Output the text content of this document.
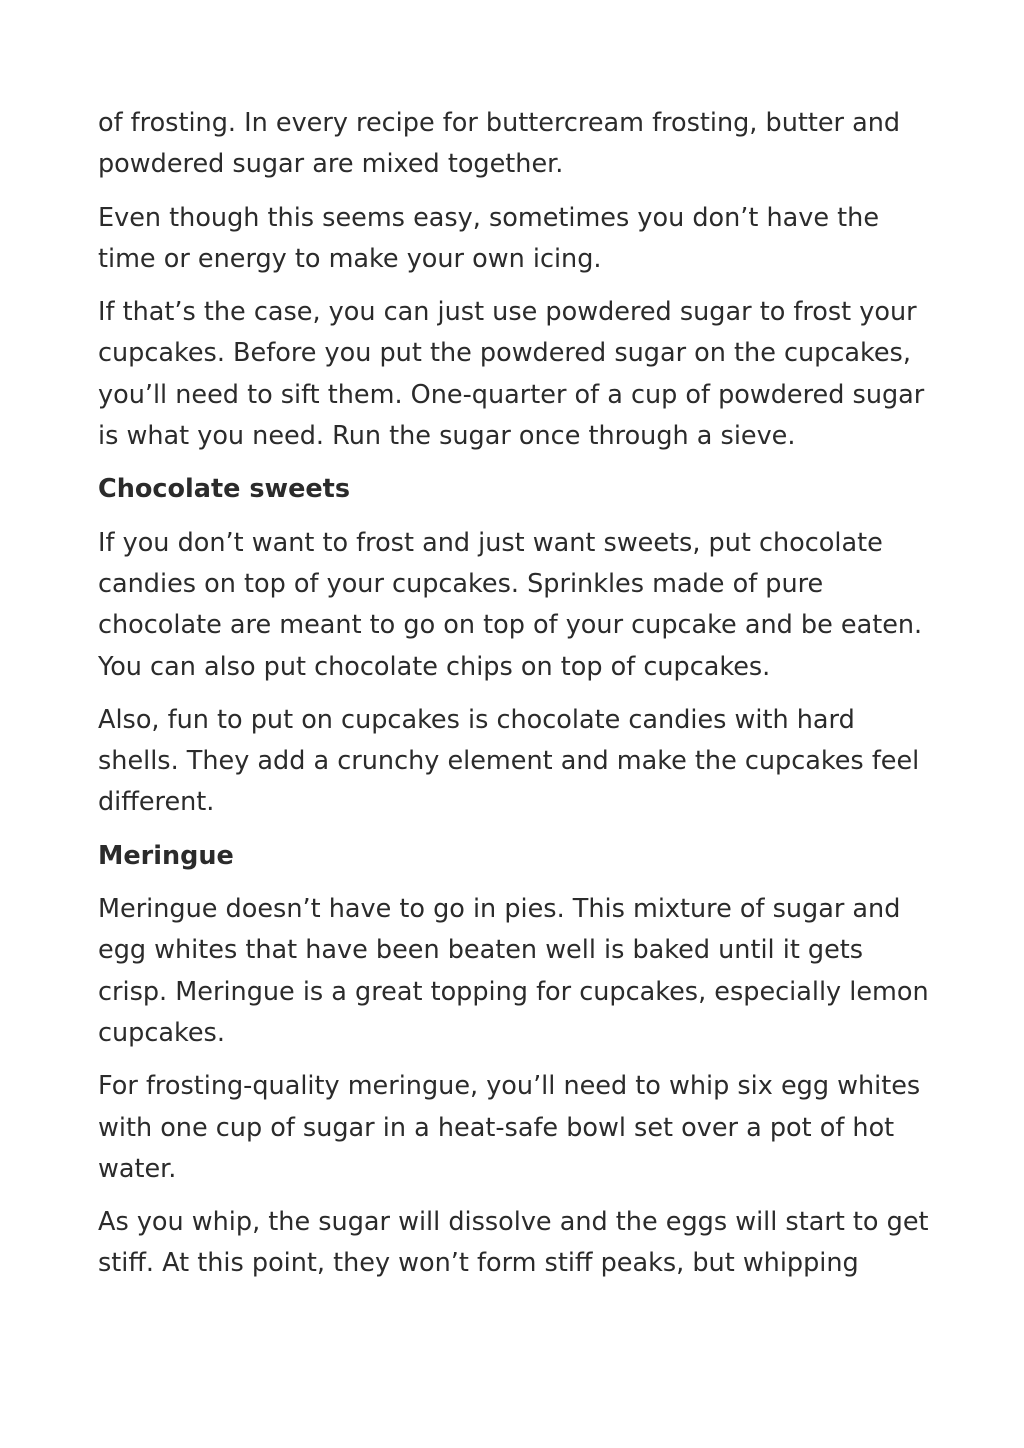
of frosting. In every recipe for buttercream frosting, butter and powdered sugar are mixed together.

Even though this seems easy, sometimes you don’t have the time or energy to make your own icing.

If that’s the case, you can just use powdered sugar to frost your cupcakes. Before you put the powdered sugar on the cupcakes, you’ll need to sift them. One-quarter of a cup of powdered sugar is what you need. Run the sugar once through a sieve.

Chocolate sweets

If you don’t want to frost and just want sweets, put chocolate candies on top of your cupcakes. Sprinkles made of pure chocolate are meant to go on top of your cupcake and be eaten. You can also put chocolate chips on top of cupcakes.

Also, fun to put on cupcakes is chocolate candies with hard shells. They add a crunchy element and make the cupcakes feel different.

Meringue

Meringue doesn’t have to go in pies. This mixture of sugar and egg whites that have been beaten well is baked until it gets crisp. Meringue is a great topping for cupcakes, especially lemon cupcakes.

For frosting-quality meringue, you’ll need to whip six egg whites with one cup of sugar in a heat-safe bowl set over a pot of hot water.

As you whip, the sugar will dissolve and the eggs will start to get stiff. At this point, they won’t form stiff peaks, but whipping
